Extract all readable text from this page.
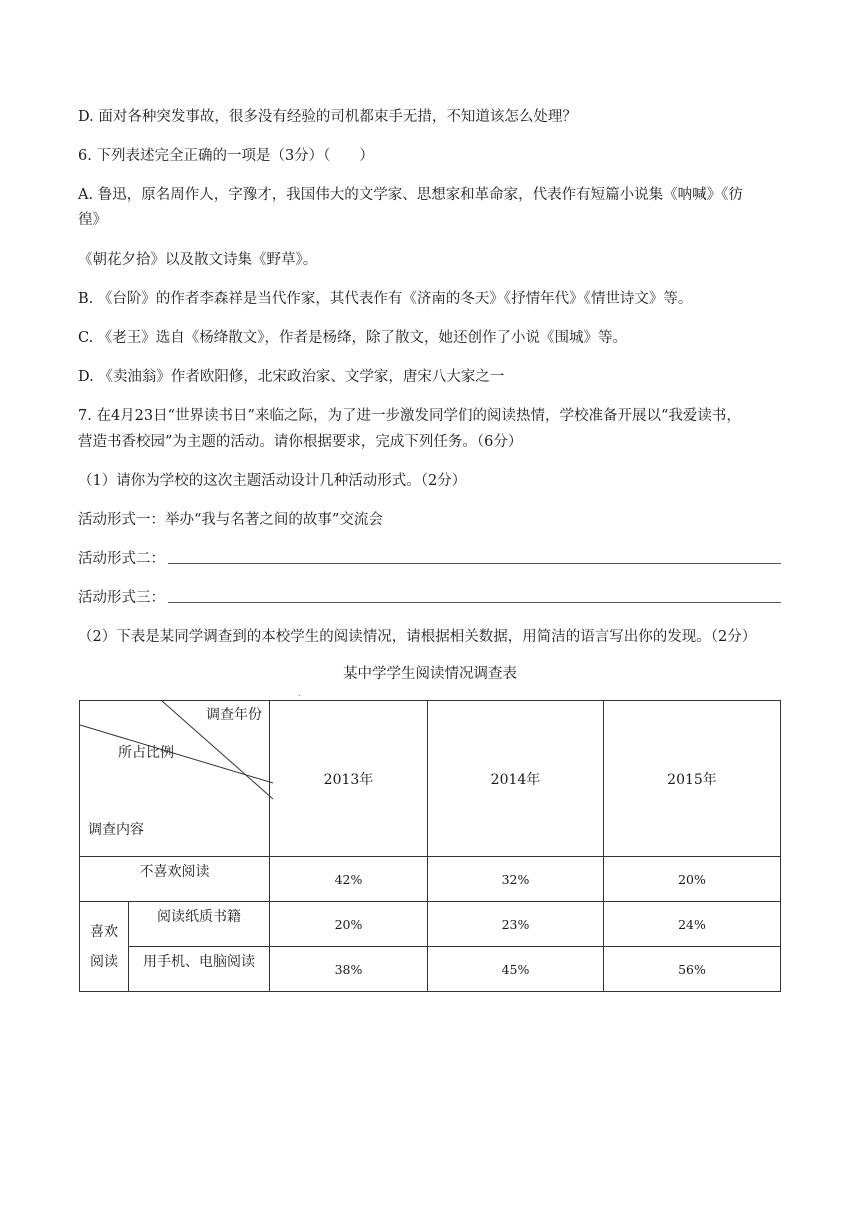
D. 面对各种突发事故，很多没有经验的司机都束手无措，不知道该怎么处理？
6. 下列表述完全正确的一项是（3分）（　　）
A. 鲁迅，原名周作人，字豫才，我国伟大的文学家、思想家和革命家，代表作有短篇小说集《呐喊》《彷
徨》
《朝花夕拾》以及散文诗集《野草》。
B. 《台阶》的作者李森祥是当代作家，其代表作有《济南的冬天》《抒情年代》《情世诗文》等。
C. 《老王》选自《杨绛散文》，作者是杨绛，除了散文，她还创作了小说《围城》等。
D. 《卖油翁》作者欧阳修，北宋政治家、文学家，唐宋八大家之一
7. 在4月23日“世界读书日”来临之际，为了进一步激发同学们的阅读热情，学校准备开展以“我爱读书，
营造书香校园”为主题的活动。请你根据要求，完成下列任务。（6分）
（1）请你为学校的这次主题活动设计几种活动形式。（2分）
活动形式一：举办“我与名著之间的故事”交流会
活动形式二：
活动形式三：
（2）下表是某同学调查到的本校学生的阅读情况，请根据相关数据，用简洁的语言写出你的发现。（2分）
某中学学生阅读情况调查表
.
调查年份
所占比例
调查内容		2013年	2014年	2015年
不喜欢阅读		42%	32%	20%

喜欢阅读	阅读纸质书籍	20%	23%	24%
	用手机、电脑阅读	38%	45%	56%
